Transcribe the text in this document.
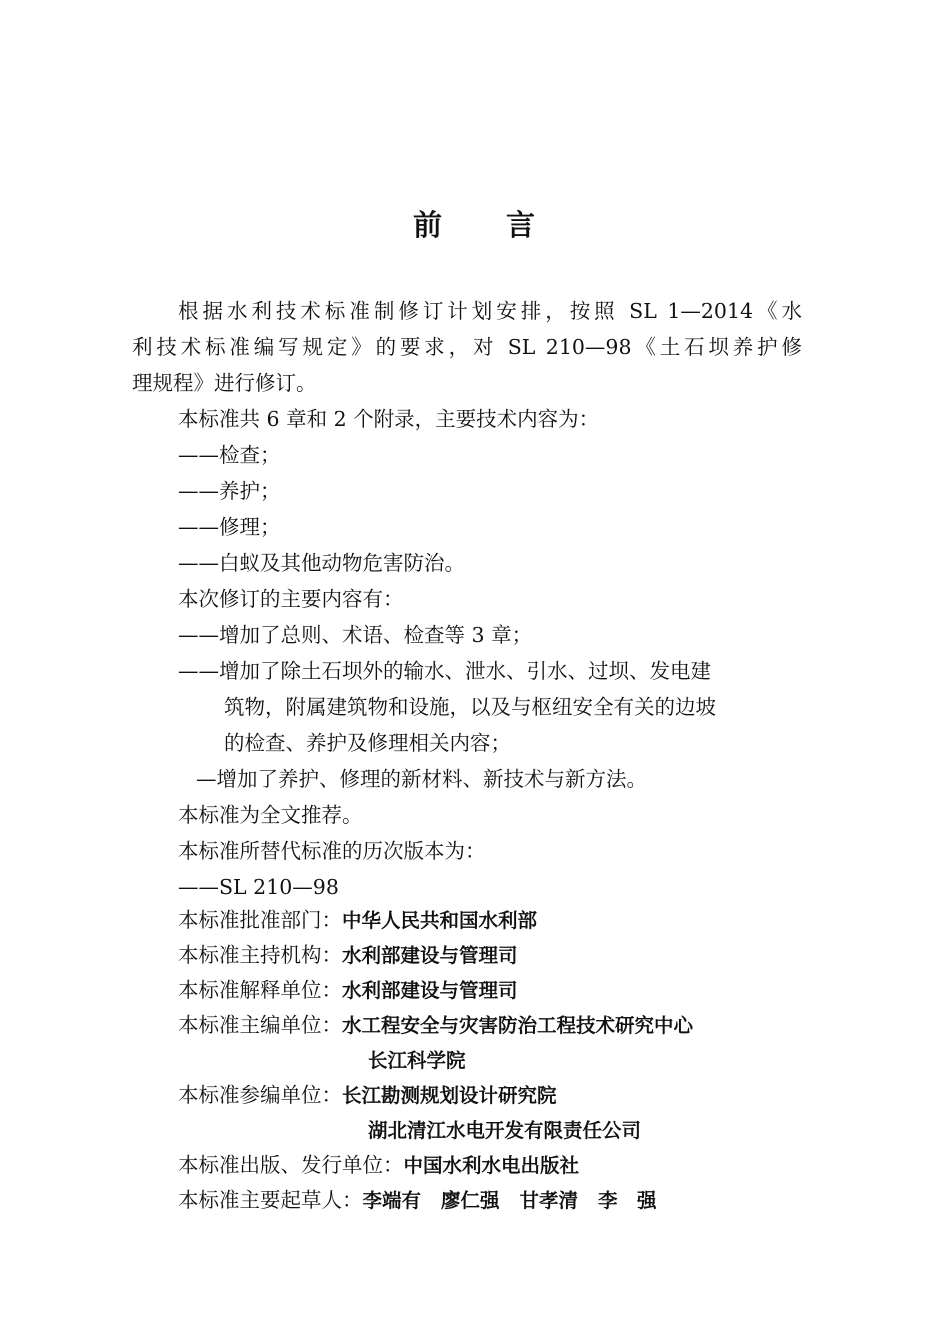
前 言
根据水利技术标准制修订计划安排，按照 SL 1—2014《水
利技术标准编写规定》的要求，对 SL 210—98《土石坝养护修
理规程》进行修订。
本标准共 6 章和 2 个附录，主要技术内容为：
——检查；
——养护；
——修理；
——白蚁及其他动物危害防治。
本次修订的主要内容有：
——增加了总则、术语、检查等 3 章；
——增加了除土石坝外的输水、泄水、引水、过坝、发电建
筑物，附属建筑物和设施，以及与枢纽安全有关的边坡
的检查、养护及修理相关内容；
—增加了养护、修理的新材料、新技术与新方法。
本标准为全文推荐。
本标准所替代标准的历次版本为：
——SL 210—98
本标准批准部门： 中华人民共和国水利部
本标准主持机构： 水利部建设与管理司
本标准解释单位： 水利部建设与管理司
本标准主编单位： 水工程安全与灾害防治工程技术研究中心
长江科学院
本标准参编单位： 长江勘测规划设计研究院
湖北清江水电开发有限责任公司
本标准出版、发行单位： 中国水利水电出版社
本标准主要起草人： 李端有 廖仁强 甘孝清 李　强
